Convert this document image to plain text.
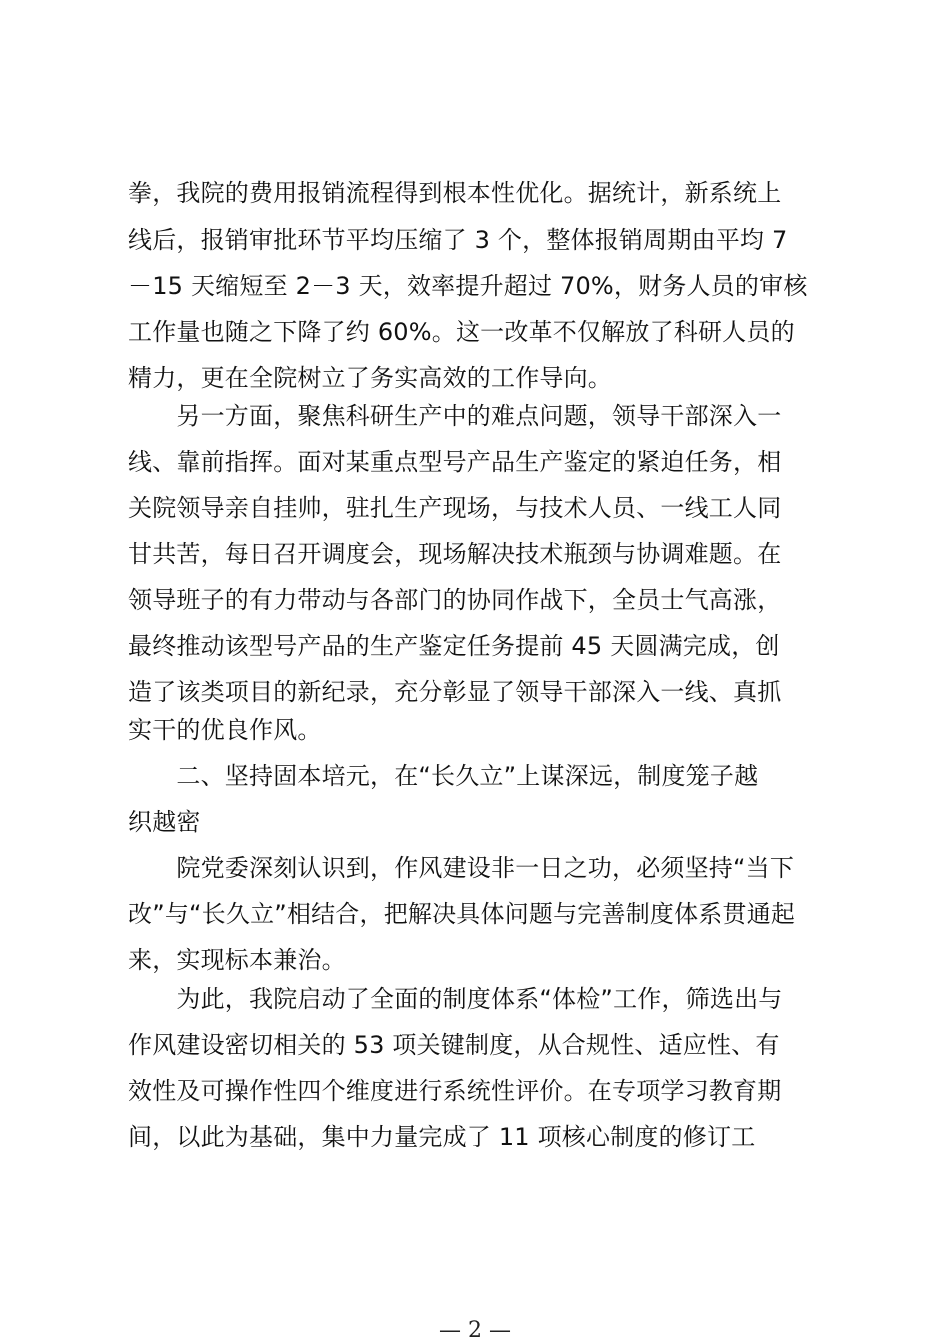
拳，我院的费用报销流程得到根本性优化。据统计，新系统上
线后，报销审批环节平均压缩了 3 个，整体报销周期由平均 7
－15 天缩短至 2－3 天，效率提升超过 70%，财务人员的审核
工作量也随之下降了约 60%。这一改革不仅解放了科研人员的
精力，更在全院树立了务实高效的工作导向。
　　另一方面，聚焦科研生产中的难点问题，领导干部深入一
线、靠前指挥。面对某重点型号产品生产鉴定的紧迫任务，相
关院领导亲自挂帅，驻扎生产现场，与技术人员、一线工人同
甘共苦，每日召开调度会，现场解决技术瓶颈与协调难题。在
领导班子的有力带动与各部门的协同作战下，全员士气高涨，
最终推动该型号产品的生产鉴定任务提前 45 天圆满完成，创
造了该类项目的新纪录，充分彰显了领导干部深入一线、真抓
实干的优良作风。
　　二、坚持固本培元，在“长久立”上谋深远，制度笼子越
织越密
　　院党委深刻认识到，作风建设非一日之功，必须坚持“当下
改”与“长久立”相结合，把解决具体问题与完善制度体系贯通起
来，实现标本兼治。
　　为此，我院启动了全面的制度体系“体检”工作，筛选出与
作风建设密切相关的 53 项关键制度，从合规性、适应性、有
效性及可操作性四个维度进行系统性评价。在专项学习教育期
间，以此为基础，集中力量完成了 11 项核心制度的修订工
— 2 —
